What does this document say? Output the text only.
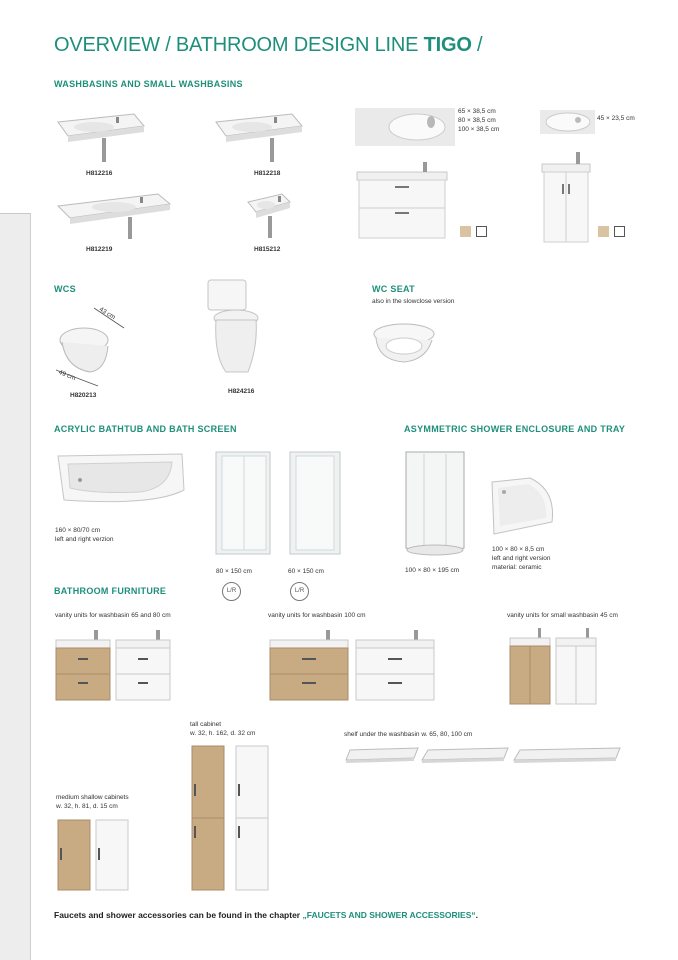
OVERVIEW / BATHROOM DESIGN LINE TIGO /
WASHBASINS AND SMALL WASHBASINS
H812216	H812218
H812219	H815212
65 × 38,5 cm
80 × 38,5 cm
100 × 38,5 cm
45 × 23,5 cm
WCS
43 cm
49 cm
H820213
H824216
WC SEAT
also in the slowclose version
ACRYLIC BATHTUB AND BATH SCREEN
160 × 80/70 cm
left and right verzion
80 × 150 cm
L/R
60 × 150 cm
L/R
ASYMMETRIC SHOWER ENCLOSURE AND TRAY
100 × 80 × 195 cm
100 × 80 × 8,5 cm
left and right version
material: ceramic
BATHROOM FURNITURE
vanity units for washbasin 65 and 80 cm	vanity units for washbasin 100 cm	vanity units for small washbasin 45 cm
tall cabinet
w. 32, h. 162, d. 32 cm	shelf under the washbasin w. 65, 80, 100 cm
medium shallow cabinets
w. 32, h. 81, d. 15 cm
Faucets and shower accessories can be found in the chapter „FAUCETS AND SHOWER ACCESSORIES“.
